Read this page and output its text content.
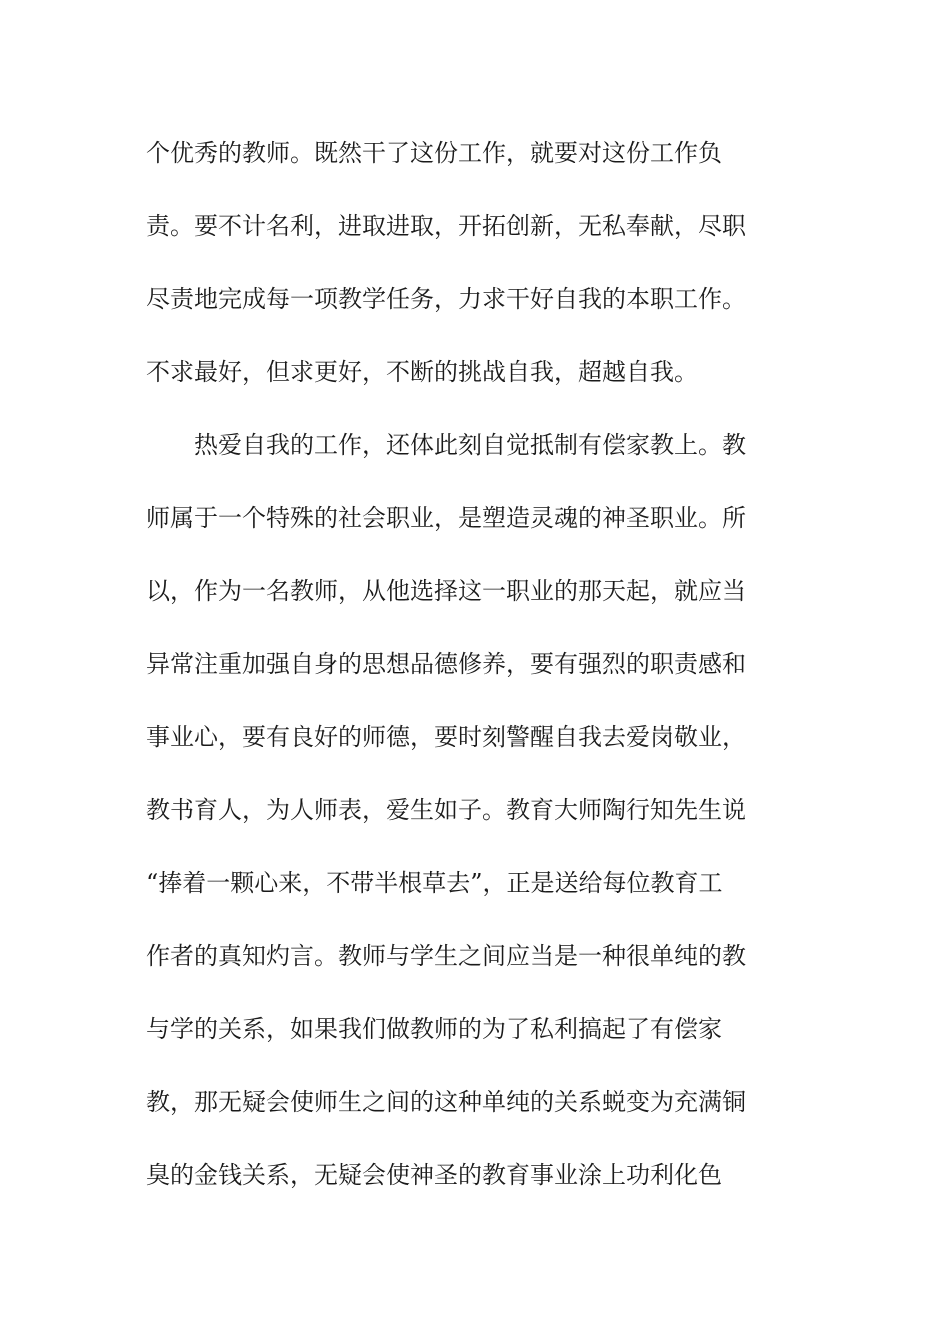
个优秀的教师。既然干了这份工作，就要对这份工作负
责。要不计名利，进取进取，开拓创新，无私奉献，尽职
尽责地完成每一项教学任务，力求干好自我的本职工作。
不求最好，但求更好，不断的挑战自我，超越自我。
热爱自我的工作，还体此刻自觉抵制有偿家教上。教
师属于一个特殊的社会职业，是塑造灵魂的神圣职业。所
以，作为一名教师，从他选择这一职业的那天起，就应当
异常注重加强自身的思想品德修养，要有强烈的职责感和
事业心，要有良好的师德，要时刻警醒自我去爱岗敬业，
教书育人，为人师表，爱生如子。教育大师陶行知先生说
“捧着一颗心来，不带半根草去”，正是送给每位教育工
作者的真知灼言。教师与学生之间应当是一种很单纯的教
与学的关系，如果我们做教师的为了私利搞起了有偿家
教，那无疑会使师生之间的这种单纯的关系蜕变为充满铜
臭的金钱关系，无疑会使神圣的教育事业涂上功利化色
